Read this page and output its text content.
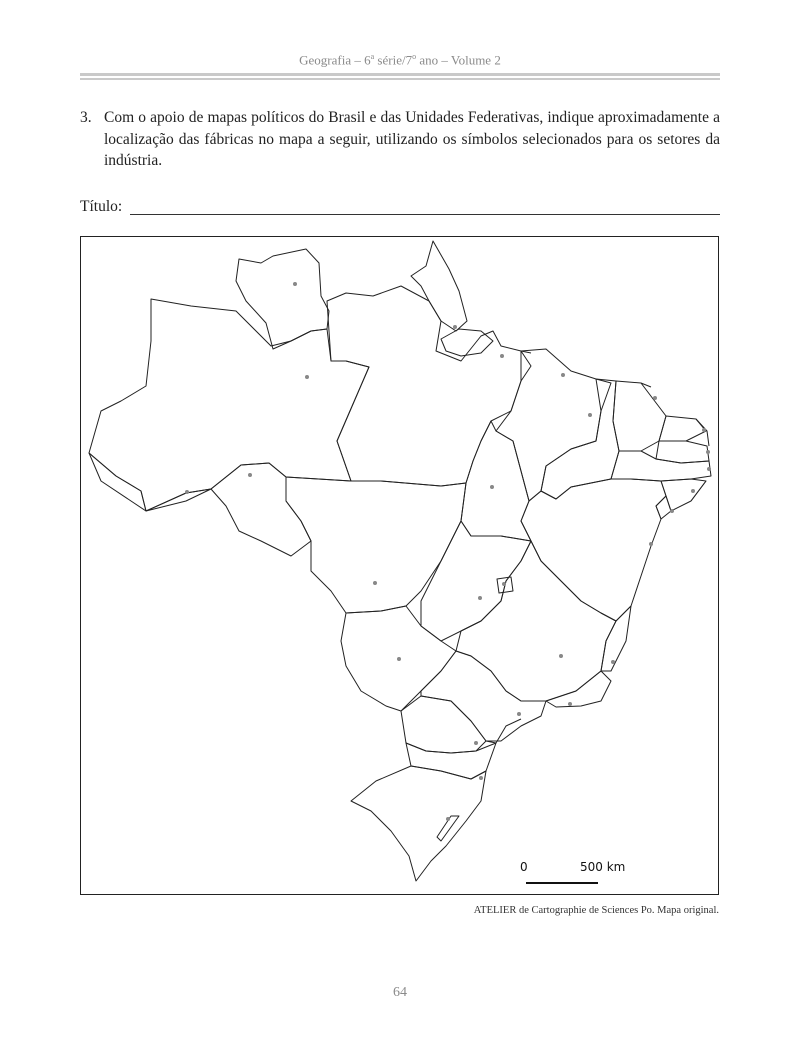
Geografia – 6$^a$ série/7$^o$ ano – Volume 2
3. Com o apoio de mapas políticos do Brasil e das Unidades Federativas, indique aproximadamente a localização das fábricas no mapa a seguir, utilizando os símbolos selecionados para os setores da indústria.
Título:
0	500 km
ATELIER de Cartographie de Sciences Po. Mapa original.
64
